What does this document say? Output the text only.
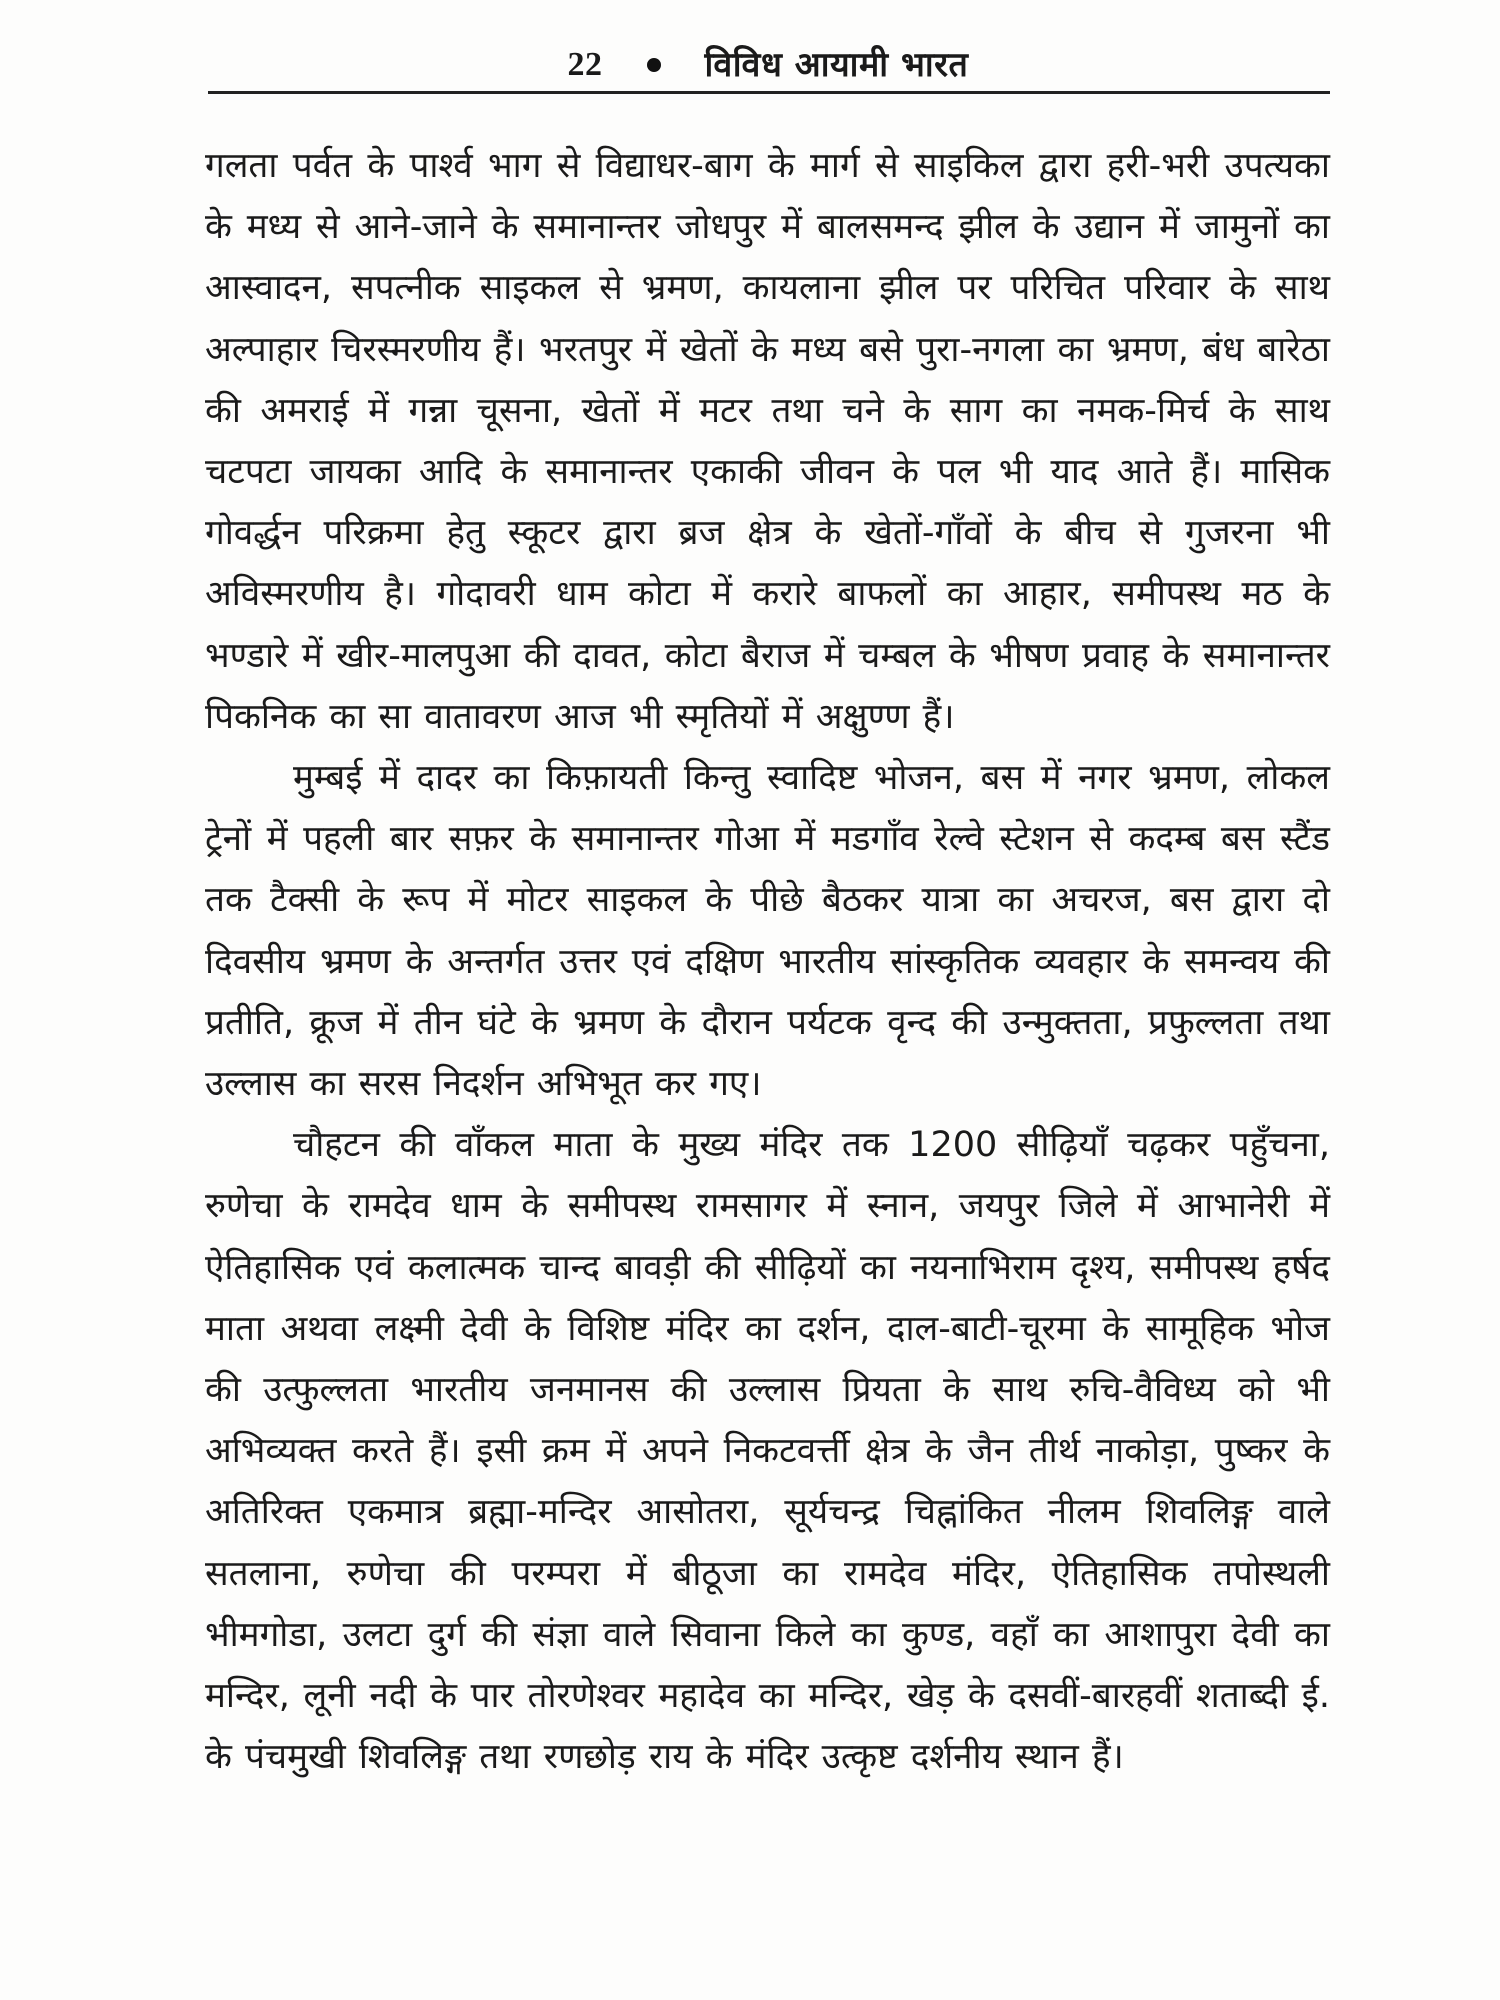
22	विविध आयामी भारत

गलता पर्वत के पार्श्व भाग से विद्याधर-बाग के मार्ग से साइकिल द्वारा हरी-भरी उपत्यका के मध्य से आने-जाने के समानान्तर जोधपुर में बालसमन्द झील के उद्यान में जामुनों का आस्वादन, सपत्नीक साइकल से भ्रमण, कायलाना झील पर परिचित परिवार के साथ अल्पाहार चिरस्मरणीय हैं। भरतपुर में खेतों के मध्य बसे पुरा-नगला का भ्रमण, बंध बारेठा की अमराई में गन्ना चूसना, खेतों में मटर तथा चने के साग का नमक-मिर्च के साथ चटपटा जायका आदि के समानान्तर एकाकी जीवन के पल भी याद आते हैं। मासिक गोवर्द्धन परिक्रमा हेतु स्कूटर द्वारा ब्रज क्षेत्र के खेतों-गाँवों के बीच से गुजरना भी अविस्मरणीय है। गोदावरी धाम कोटा में करारे बाफलों का आहार, समीपस्थ मठ के भण्डारे में खीर-मालपुआ की दावत, कोटा बैराज में चम्बल के भीषण प्रवाह के समानान्तर पिकनिक का सा वातावरण आज भी स्मृतियों में अक्षुण्ण हैं।

मुम्बई में दादर का किफ़ायती किन्तु स्वादिष्ट भोजन, बस में नगर भ्रमण, लोकल ट्रेनों में पहली बार सफ़र के समानान्तर गोआ में मडगाँव रेल्वे स्टेशन से कदम्ब बस स्टैंड तक टैक्सी के रूप में मोटर साइकल के पीछे बैठकर यात्रा का अचरज, बस द्वारा दो दिवसीय भ्रमण के अन्तर्गत उत्तर एवं दक्षिण भारतीय सांस्कृतिक व्यवहार के समन्वय की प्रतीति, क्रूज में तीन घंटे के भ्रमण के दौरान पर्यटक वृन्द की उन्मुक्तता, प्रफुल्लता तथा उल्लास का सरस निदर्शन अभिभूत कर गए।

चौहटन की वाँकल माता के मुख्य मंदिर तक 1200 सीढ़ियाँ चढ़कर पहुँचना, रुणेचा के रामदेव धाम के समीपस्थ रामसागर में स्नान, जयपुर जिले में आभानेरी में ऐतिहासिक एवं कलात्मक चान्द बावड़ी की सीढ़ियों का नयनाभिराम दृश्य, समीपस्थ हर्षद माता अथवा लक्ष्मी देवी के विशिष्ट मंदिर का दर्शन, दाल-बाटी-चूरमा के सामूहिक भोज की उत्फुल्लता भारतीय जनमानस की उल्लास प्रियता के साथ रुचि-वैविध्य को भी अभिव्यक्त करते हैं। इसी क्रम में अपने निकटवर्त्ती क्षेत्र के जैन तीर्थ नाकोड़ा, पुष्कर के अतिरिक्त एकमात्र ब्रह्मा-मन्दिर आसोतरा, सूर्यचन्द्र चिह्नांकित नीलम शिवलिङ्ग वाले सतलाना, रुणेचा की परम्परा में बीठूजा का रामदेव मंदिर, ऐतिहासिक तपोस्थली भीमगोडा, उलटा दुर्ग की संज्ञा वाले सिवाना किले का कुण्ड, वहाँ का आशापुरा देवी का मन्दिर, लूनी नदी के पार तोरणेश्वर महादेव का मन्दिर, खेड़ के दसवीं-बारहवीं शताब्दी ई. के पंचमुखी शिवलिङ्ग तथा रणछोड़ राय के मंदिर उत्कृष्ट दर्शनीय स्थान हैं।
